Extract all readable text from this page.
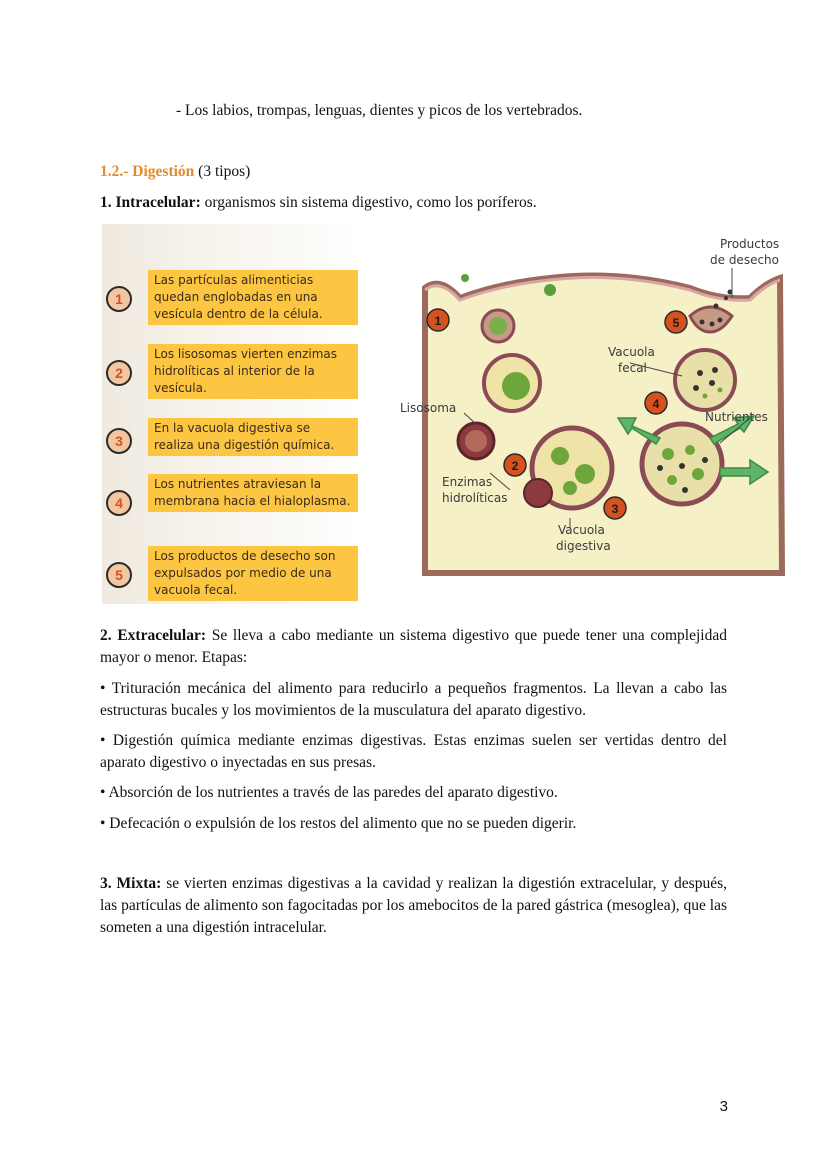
- Los labios, trompas, lenguas, dientes y picos de los vertebrados.

1.2.- Digestión (3 tipos)

1. Intracelular: organismos sin sistema digestivo, como los poríferos.

1
Las partículas alimenticias quedan englobadas en una vesícula dentro de la célula.
2
Los lisosomas vierten enzimas hidrolíticas al interior de la vesícula.
3
En la vacuola digestiva se realiza una digestión química.
4
Los nutrientes atraviesan la membrana hacia el hialoplasma.
5
Los productos de desecho son expulsados por medio de una vacuola fecal.
1
2
3
4
5
Productos
de desecho
Vacuola
fecal
Lisosoma
Nutrientes
Enzimas
hidrolíticas
Vacuola
digestiva

2. Extracelular: Se lleva a cabo mediante un sistema digestivo que puede tener una complejidad mayor o menor. Etapas:

• Trituración mecánica del alimento para reducirlo a pequeños fragmentos. La llevan a cabo las estructuras bucales y los movimientos de la musculatura del aparato digestivo.

• Digestión química mediante enzimas digestivas. Estas enzimas suelen ser vertidas dentro del aparato digestivo o inyectadas en sus presas.

• Absorción de los nutrientes a través de las paredes del aparato digestivo.

• Defecación o expulsión de los restos del alimento que no se pueden digerir.

3. Mixta: se vierten enzimas digestivas a la cavidad y realizan la digestión extracelular, y después, las partículas de alimento son fagocitadas por los amebocitos de la pared gástrica (mesoglea), que las someten a una digestión intracelular.

3
